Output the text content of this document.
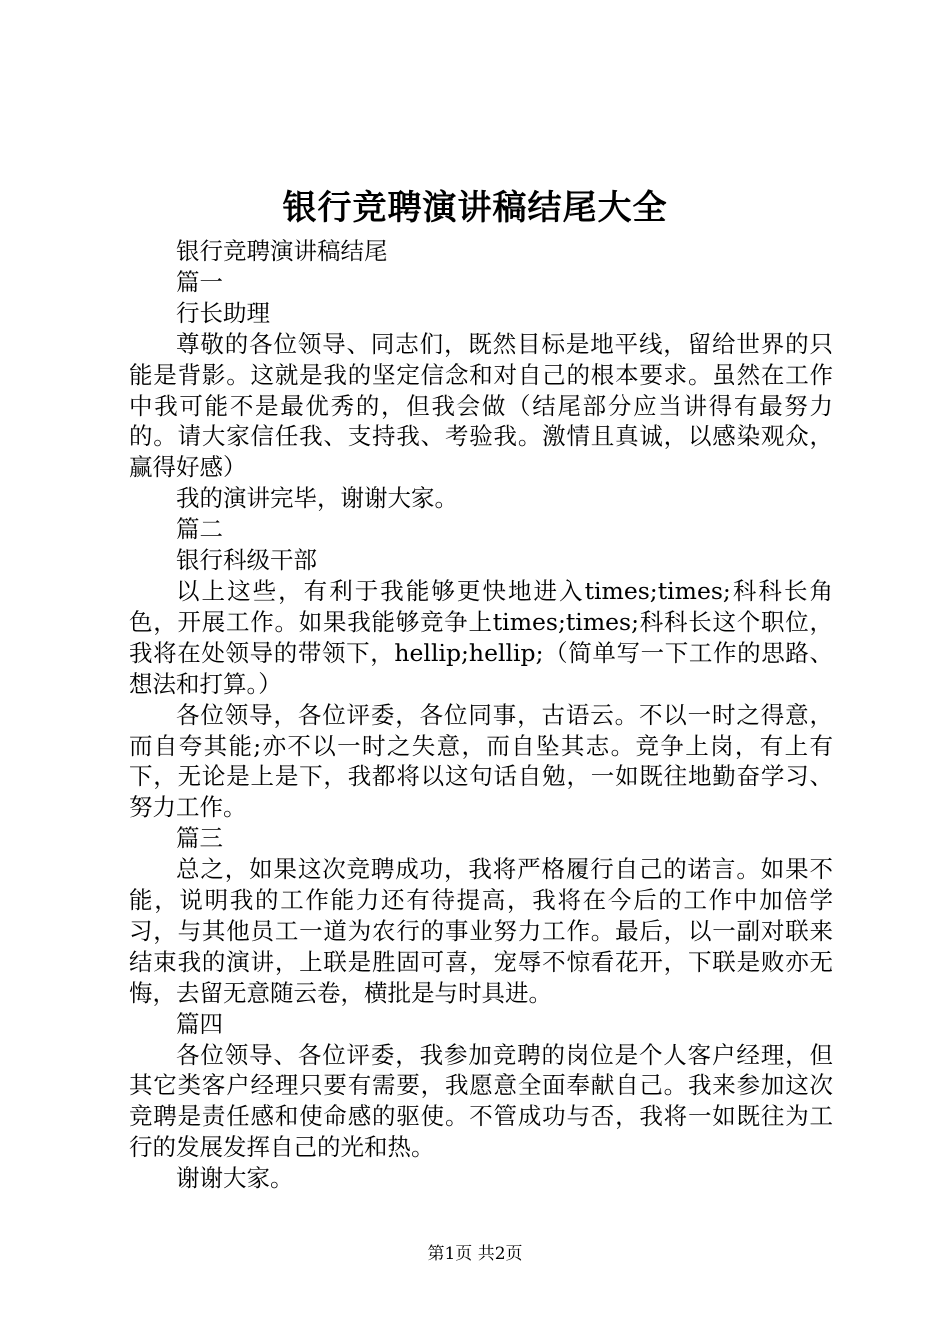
银行竞聘演讲稿结尾大全

银行竞聘演讲稿结尾

篇一

行长助理

尊敬的各位领导、同志们，既然目标是地平线，留给世界的只能是背影。这就是我的坚定信念和对自己的根本要求。虽然在工作中我可能不是最优秀的，但我会做（结尾部分应当讲得有最努力的。请大家信任我、支持我、考验我。激情且真诚，以感染观众，赢得好感）

我的演讲完毕，谢谢大家。

篇二

银行科级干部

以上这些，有利于我能够更快地进入times;times;科科长角色，开展工作。如果我能够竞争上times;times;科科长这个职位，我将在处领导的带领下，hellip;hellip;（简单写一下工作的思路、想法和打算。）

各位领导，各位评委，各位同事，古语云。不以一时之得意，而自夸其能;亦不以一时之失意，而自坠其志。竞争上岗，有上有下，无论是上是下，我都将以这句话自勉，一如既往地勤奋学习、努力工作。

篇三

总之，如果这次竞聘成功，我将严格履行自己的诺言。如果不能，说明我的工作能力还有待提高，我将在今后的工作中加倍学习，与其他员工一道为农行的事业努力工作。最后，以一副对联来结束我的演讲，上联是胜固可喜，宠辱不惊看花开，下联是败亦无悔，去留无意随云卷，横批是与时具进。

篇四

各位领导、各位评委，我参加竞聘的岗位是个人客户经理，但其它类客户经理只要有需要，我愿意全面奉献自己。我来参加这次竞聘是责任感和使命感的驱使。不管成功与否，我将一如既往为工行的发展发挥自己的光和热。

谢谢大家。

第1页 共2页
